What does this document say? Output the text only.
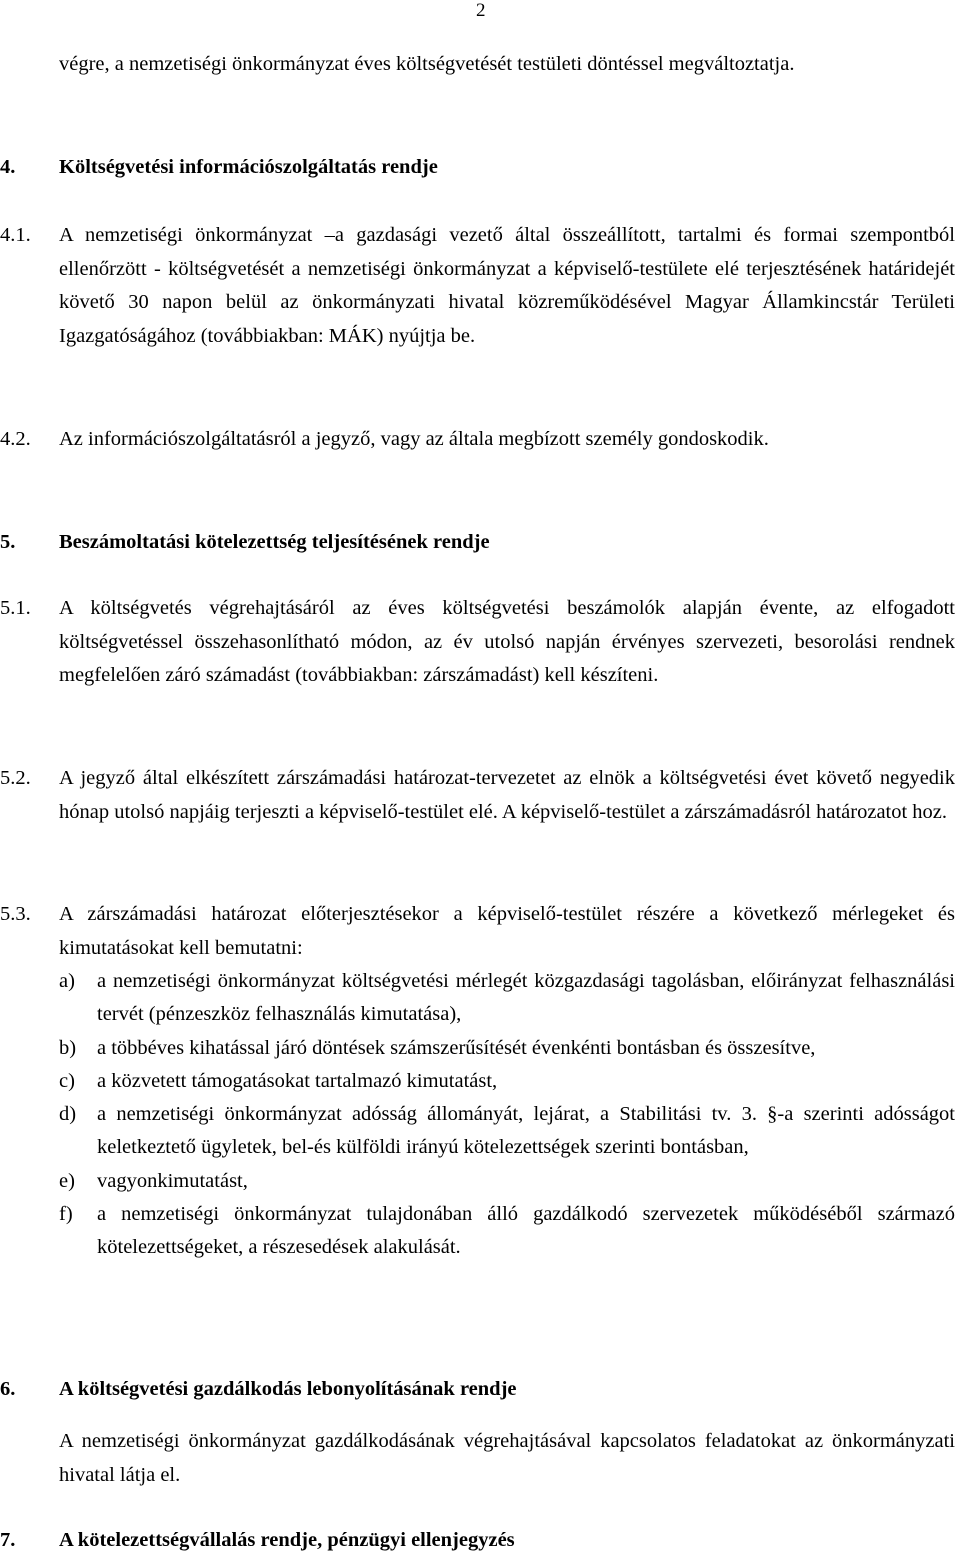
2
végre, a nemzetiségi önkormányzat éves költségvetését testületi döntéssel megváltoztatja.
4.	Költségvetési információszolgáltatás rendje
4.1.	A nemzetiségi önkormányzat –a gazdasági vezető által összeállított, tartalmi és formai szempontból ellenőrzött - költségvetését a nemzetiségi önkormányzat a képviselő-testülete elé terjesztésének határidejét követő 30 napon belül az önkormányzati hivatal közreműködésével Magyar Államkincstár Területi Igazgatóságához (továbbiakban: MÁK) nyújtja be.
4.2.	Az információszolgáltatásról a jegyző, vagy az általa megbízott személy gondoskodik.
5.	Beszámoltatási kötelezettség teljesítésének rendje
5.1.	A költségvetés végrehajtásáról az éves költségvetési beszámolók alapján évente, az elfogadott költségvetéssel összehasonlítható módon, az év utolsó napján érvényes szervezeti, besorolási rendnek megfelelően záró számadást (továbbiakban: zárszámadást) kell készíteni.
5.2.	A jegyző által elkészített zárszámadási határozat-tervezetet az elnök a költségvetési évet követő negyedik hónap utolsó napjáig terjeszti a képviselő-testület elé. A képviselő-testület a zárszámadásról határozatot hoz.
5.3.	A zárszámadási határozat előterjesztésekor a képviselő-testület részére a következő mérlegeket és kimutatásokat kell bemutatni:
a)	a nemzetiségi önkormányzat költségvetési mérlegét közgazdasági tagolásban, előirányzat felhasználási tervét (pénzeszköz felhasználás kimutatása),
b)	a többéves kihatással járó döntések számszerűsítését évenkénti bontásban és összesítve,
c)	a közvetett támogatásokat tartalmazó kimutatást,
d)	a nemzetiségi önkormányzat adósság állományát, lejárat, a Stabilitási tv. 3. §-a szerinti adósságot keletkeztető ügyletek, bel-és külföldi irányú kötelezettségek szerinti bontásban,
e)	vagyonkimutatást,
f)	a nemzetiségi önkormányzat tulajdonában álló gazdálkodó szervezetek működéséből származó kötelezettségeket, a részesedések alakulását.
6.	A költségvetési gazdálkodás lebonyolításának rendje
A nemzetiségi önkormányzat gazdálkodásának végrehajtásával kapcsolatos feladatokat az önkormányzati hivatal látja el.
7.	A kötelezettségvállalás rendje, pénzügyi ellenjegyzés
